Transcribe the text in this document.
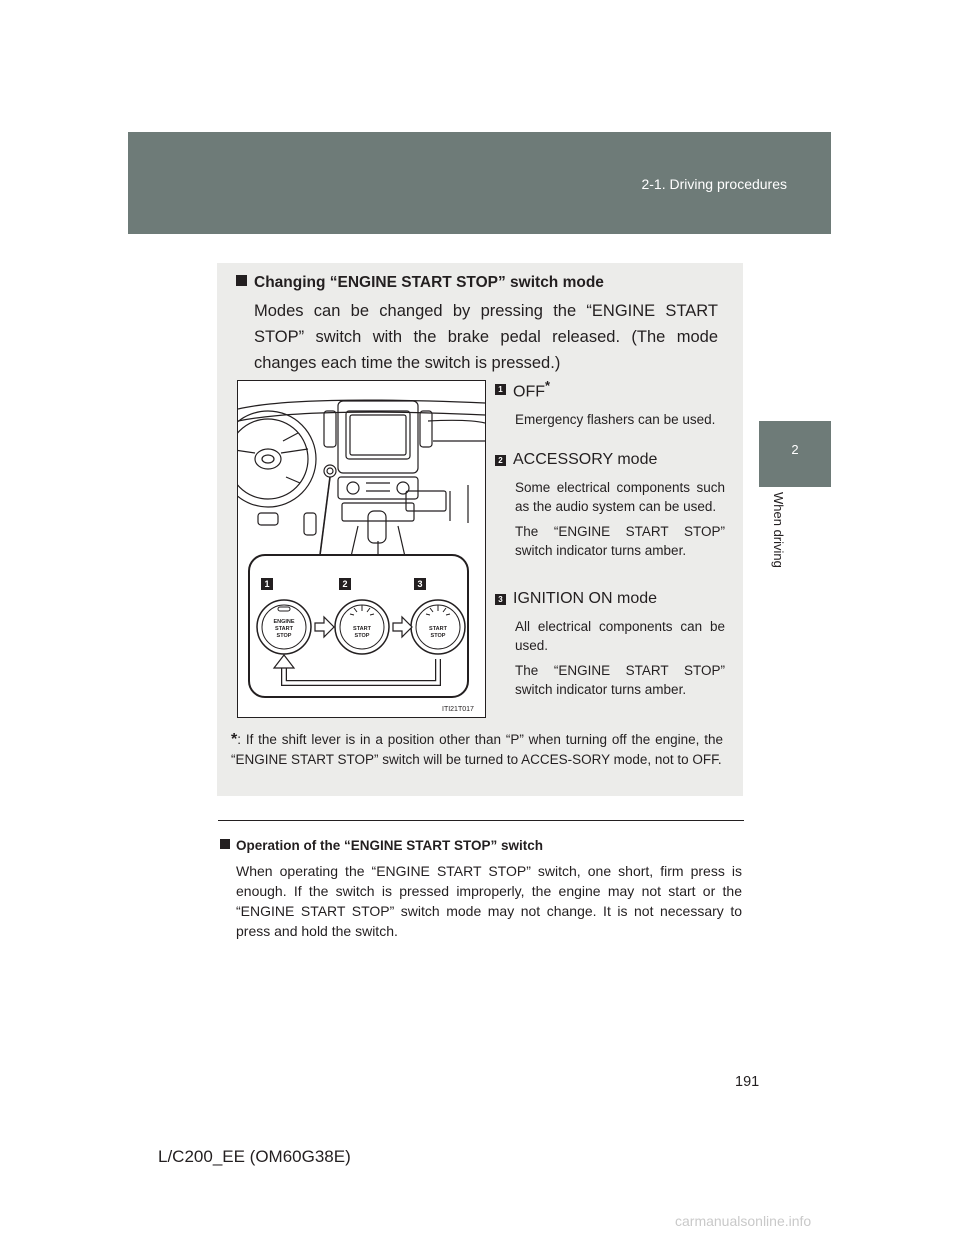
2-1. Driving procedures
2
When driving
Changing “ENGINE START STOP” switch mode
Modes can be changed by pressing the “ENGINE START STOP” switch with the brake pedal released. (The mode changes each time the switch is pressed.)
1	2	3
ENGINE
START
STOP
START
STOP
START
STOP
ITI21T017
1 OFF*
Emergency flashers can be used.
2 ACCESSORY mode
Some electrical components such as the audio system can be used.
The “ENGINE START STOP” switch indicator turns amber.
3 IGNITION ON mode
All electrical components can be used.
The “ENGINE START STOP” switch indicator turns amber.
*: If the shift lever is in a position other than “P” when turning off the engine, the “ENGINE START STOP” switch will be turned to ACCES-SORY mode, not to OFF.
Operation of the “ENGINE START STOP” switch
When operating the “ENGINE START STOP” switch, one short, firm press is enough. If the switch is pressed improperly, the engine may not start or the “ENGINE START STOP” switch mode may not change. It is not necessary to press and hold the switch.
191
L/C200_EE (OM60G38E)
carmanualsonline.info
